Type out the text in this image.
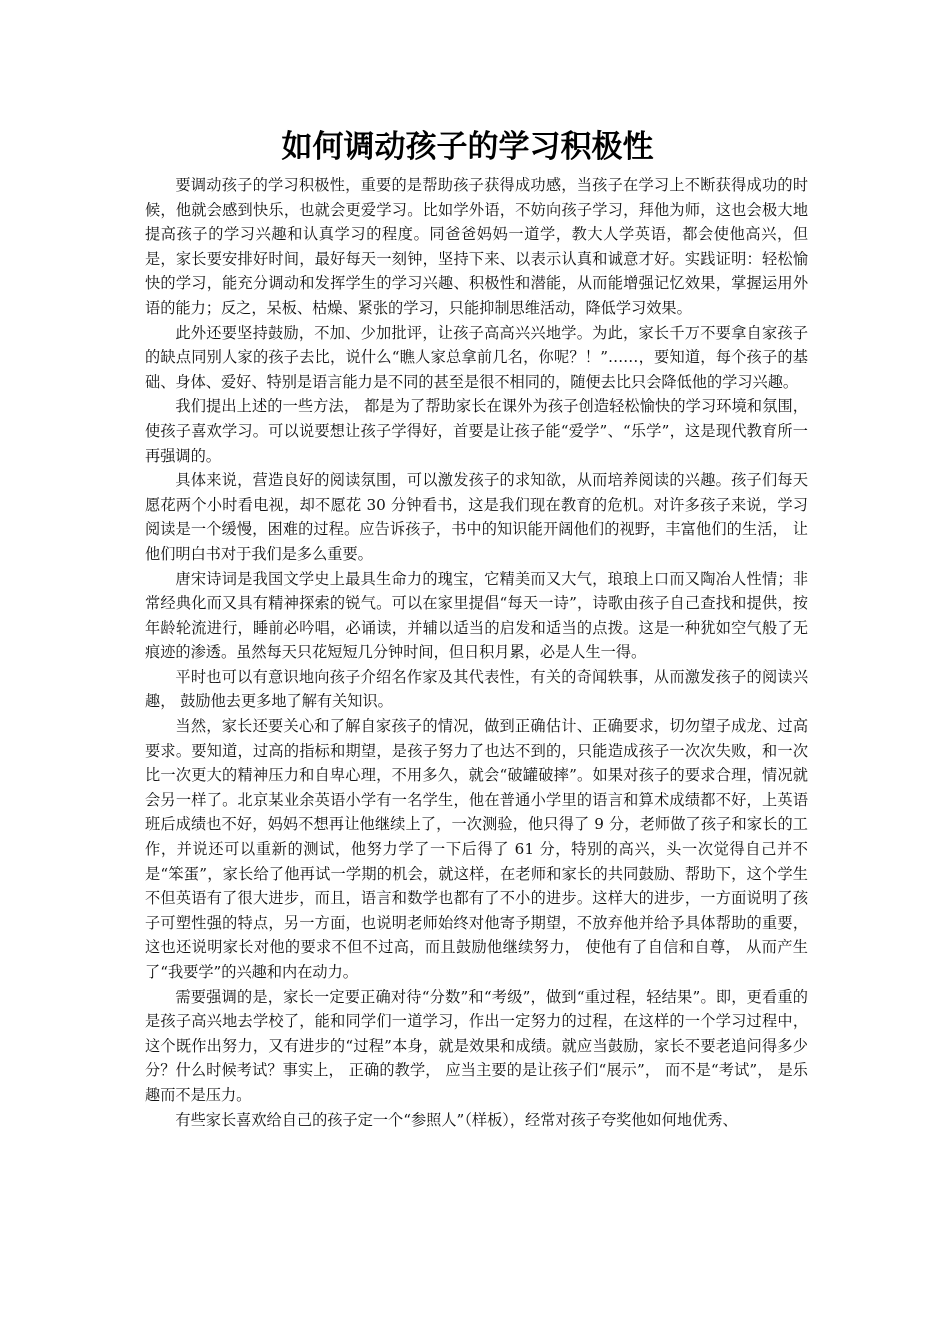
如何调动孩子的学习积极性

要调动孩子的学习积极性，重要的是帮助孩子获得成功感，当孩子在学习上不断获得成功的时候，他就会感到快乐，也就会更爱学习。比如学外语，不妨向孩子学习，拜他为师，这也会极大地提高孩子的学习兴趣和认真学习的程度。同爸爸妈妈一道学，教大人学英语，都会使他高兴，但是，家长要安排好时间，最好每天一刻钟，坚持下来、以表示认真和诚意才好。实践证明：轻松愉快的学习，能充分调动和发挥学生的学习兴趣、积极性和潜能，从而能增强记忆效果，掌握运用外语的能力；反之，呆板、枯燥、紧张的学习，只能抑制思维活动，降低学习效果。

此外还要坚持鼓励，不加、少加批评，让孩子高高兴兴地学。为此，家长千万不要拿自家孩子的缺点同别人家的孩子去比，说什么“瞧人家总拿前几名，你呢？！”……，要知道，每个孩子的基础、身体、爱好、特别是语言能力是不同的甚至是很不相同的，随便去比只会降低他的学习兴趣。

我们提出上述的一些方法， 都是为了帮助家长在课外为孩子创造轻松愉快的学习环境和氛围，使孩子喜欢学习。可以说要想让孩子学得好，首要是让孩子能“爱学”、“乐学”，这是现代教育所一再强调的。

具体来说，营造良好的阅读氛围，可以激发孩子的求知欲，从而培养阅读的兴趣。孩子们每天愿花两个小时看电视，却不愿花 30 分钟看书，这是我们现在教育的危机。对许多孩子来说，学习阅读是一个缓慢，困难的过程。应告诉孩子，书中的知识能开阔他们的视野，丰富他们的生活， 让他们明白书对于我们是多么重要。

唐宋诗词是我国文学史上最具生命力的瑰宝，它精美而又大气，琅琅上口而又陶冶人性情；非常经典化而又具有精神探索的锐气。可以在家里提倡“每天一诗”，诗歌由孩子自己查找和提供，按年龄轮流进行，睡前必吟唱，必诵读，并辅以适当的启发和适当的点拨。这是一种犹如空气般了无痕迹的渗透。虽然每天只花短短几分钟时间，但日积月累，必是人生一得。

平时也可以有意识地向孩子介绍名作家及其代表性，有关的奇闻轶事，从而激发孩子的阅读兴趣， 鼓励他去更多地了解有关知识。

当然，家长还要关心和了解自家孩子的情况，做到正确估计、正确要求，切勿望子成龙、过高要求。要知道，过高的指标和期望，是孩子努力了也达不到的，只能造成孩子一次次失败，和一次比一次更大的精神压力和自卑心理，不用多久，就会“破罐破摔”。如果对孩子的要求合理，情况就会另一样了。北京某业余英语小学有一名学生，他在普通小学里的语言和算术成绩都不好，上英语班后成绩也不好，妈妈不想再让他继续上了，一次测验，他只得了 9 分，老师做了孩子和家长的工作，并说还可以重新的测试，他努力学了一下后得了 61 分，特别的高兴，头一次觉得自己并不是“笨蛋”，家长给了他再试一学期的机会，就这样，在老师和家长的共同鼓励、帮助下，这个学生不但英语有了很大进步，而且，语言和数学也都有了不小的进步。这样大的进步，一方面说明了孩子可塑性强的特点，另一方面，也说明老师始终对他寄予期望，不放弃他并给予具体帮助的重要，这也还说明家长对他的要求不但不过高，而且鼓励他继续努力， 使他有了自信和自尊， 从而产生了“我要学”的兴趣和内在动力。

需要强调的是，家长一定要正确对待“分数”和“考级”，做到“重过程，轻结果”。即，更看重的是孩子高兴地去学校了，能和同学们一道学习，作出一定努力的过程，在这样的一个学习过程中，这个既作出努力，又有进步的“过程”本身，就是效果和成绩。就应当鼓励，家长不要老追问得多少分？什么时候考试？事实上， 正确的教学， 应当主要的是让孩子们“展示”， 而不是“考试”， 是乐趣而不是压力。

有些家长喜欢给自己的孩子定一个“参照人”（样板），经常对孩子夸奖他如何地优秀、
